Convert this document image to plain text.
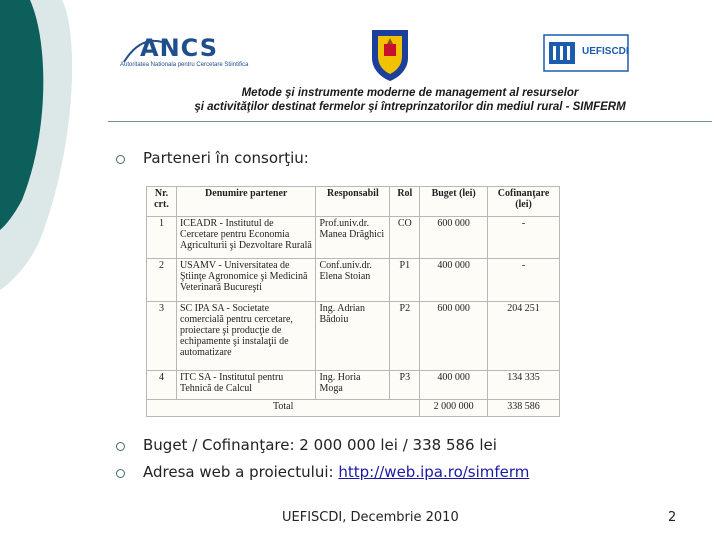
ANCS
Autoritatea Nationala pentru Cercetare Stiintifica
UEFISCDI
Metode şi instrumente moderne de management al resurselor
şi activităţilor destinat fermelor şi întreprinzatorilor din mediul rural - SIMFERM
Parteneri în consorţiu:
Nr. crt.	Denumire partener	Responsabil	Rol	Buget (lei)	Cofinanţare (lei)
1	ICEADR - Institutul de Cercetare pentru Economia Agriculturii şi Dezvoltare Rurală	Prof.univ.dr. Manea Drăghici	CO	600 000	-
2	USAMV - Universitatea de Ştiinţe Agronomice şi Medicină Veterinară Bucureşti	Conf.univ.dr. Elena Stoian	P1	400 000	-
3	SC IPA SA - Societate comercială pentru cercetare, proiectare şi producţie de echipamente şi instalaţii de automatizare	Ing. Adrian Bădoiu	P2	600 000	204 251
4	ITC SA - Institutul pentru Tehnică de Calcul	Ing. Horia Moga	P3	400 000	134 335
Total				2 000 000	338 586
Buget / Cofinanţare: 2 000 000 lei / 338 586 lei
Adresa web a proiectului: http://web.ipa.ro/simferm
UEFISCDI, Decembrie 2010	2
